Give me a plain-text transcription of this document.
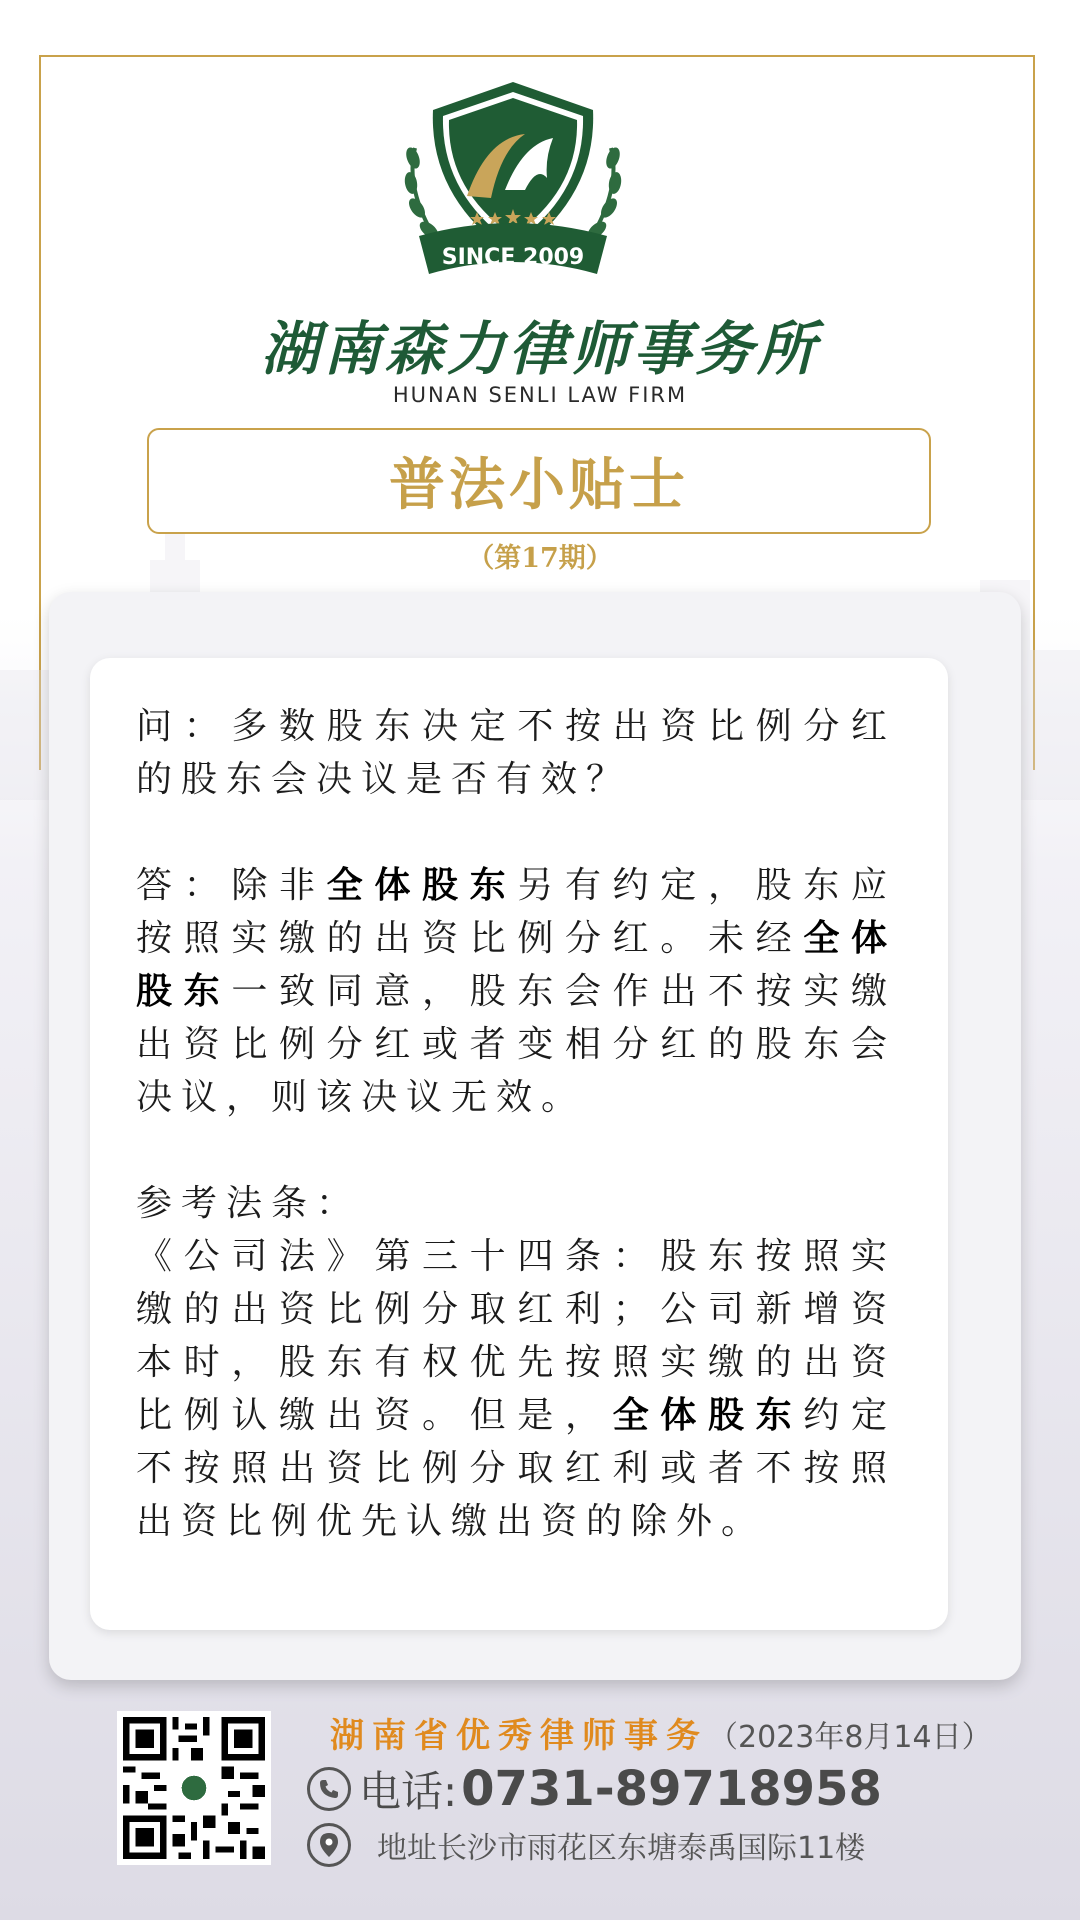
SINCE 2009
湖南森力律师事务所
HUNAN SENLI LAW FIRM
普法小贴士
（第17期）

问：多数股东决定不按出资比例分红的股东会决议是否有效？

答：除非全体股东另有约定，股东应按照实缴的出资比例分红。未经全体股东一致同意，股东会作出不按实缴出资比例分红或者变相分红的股东会决议，则该决议无效。

参考法条：

《公司法》第三十四条：股东按照实缴的出资比例分取红利；公司新增资本时，股东有权优先按照实缴的出资比例认缴出资。但是，全体股东约定不按照出资比例分取红利或者不按照出资比例优先认缴出资的除外。

湖南省优秀律师事务（2023年8月14日）
电话: 0731-89718958
地址长沙市雨花区东塘泰禹国际11楼
